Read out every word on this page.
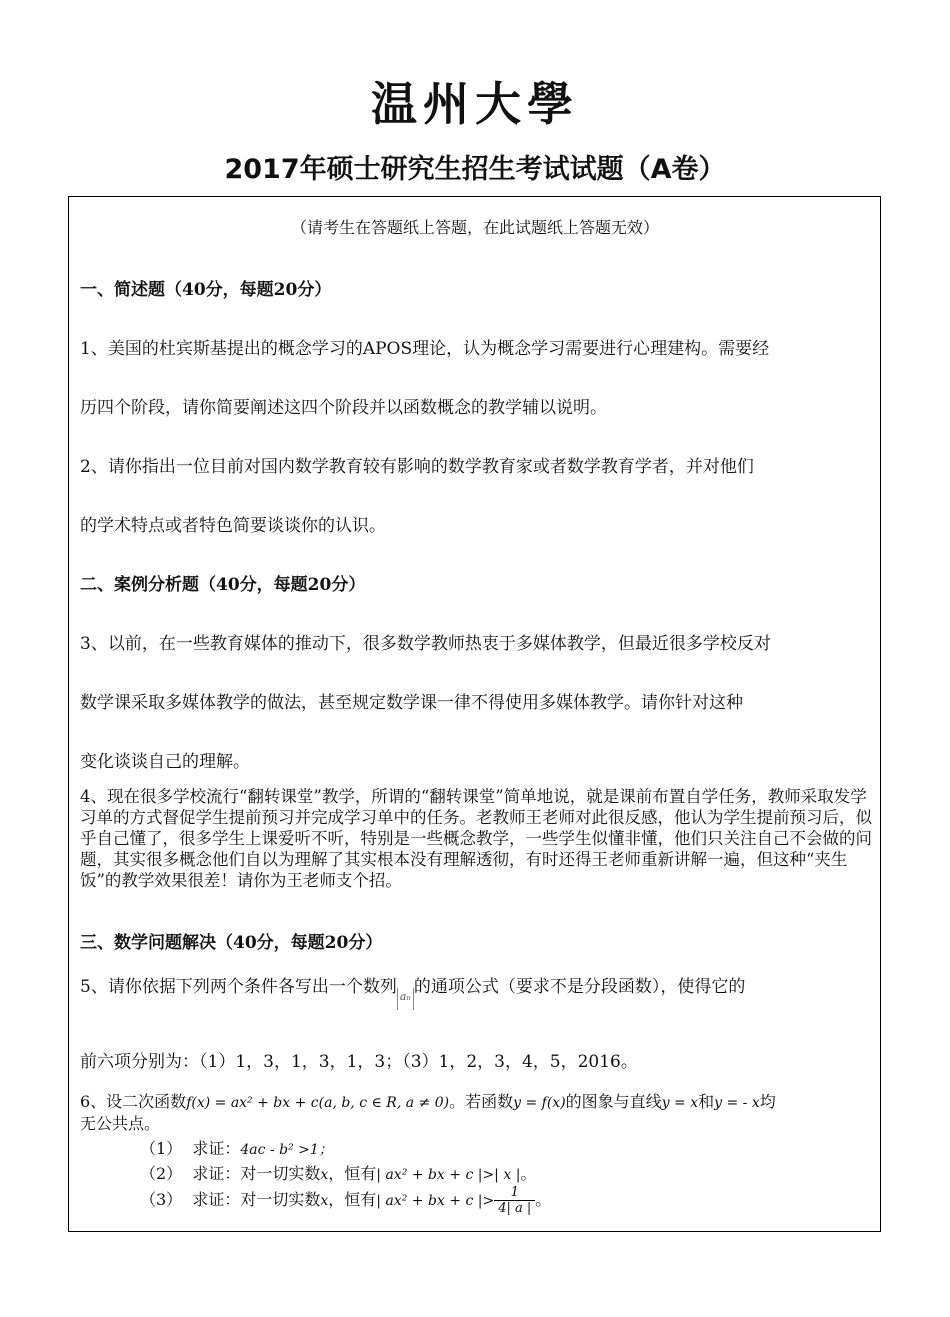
温州大學
2017年硕士研究生招生考试试题（A卷）
（请考生在答题纸上答题，在此试题纸上答题无效）
一、简述题（40分，每题20分）
1、美国的杜宾斯基提出的概念学习的APOS理论，认为概念学习需要进行心理建构。需要经
历四个阶段，请你简要阐述这四个阶段并以函数概念的教学辅以说明。
2、请你指出一位目前对国内数学教育较有影响的数学教育家或者数学教育学者，并对他们
的学术特点或者特色简要谈谈你的认识。
二、案例分析题（40分，每题20分）
3、以前，在一些教育媒体的推动下，很多数学教师热衷于多媒体教学，但最近很多学校反对
数学课采取多媒体教学的做法，甚至规定数学课一律不得使用多媒体教学。请你针对这种
变化谈谈自己的理解。
4、现在很多学校流行“翻转课堂”教学，所谓的“翻转课堂”简单地说，就是课前布置自学任务，教师采取发学习单的方式督促学生提前预习并完成学习单中的任务。老教师王老师对此很反感，他认为学生提前预习后，似乎自己懂了，很多学生上课爱听不听，特别是一些概念教学，一些学生似懂非懂，他们只关注自己不会做的问题，其实很多概念他们自以为理解了其实根本没有理解透彻，有时还得王老师重新讲解一遍，但这种“夹生饭”的教学效果很差！请你为王老师支个招。
三、数学问题解决（40分，每题20分）
5、请你依据下列两个条件各写出一个数列 aₙ 的通项公式（要求不是分段函数），使得它的
前六项分别为：（1）1，3，1，3，1，3；（3）1，2，3，4，5，2016。
6、设二次函数f(x) = ax² + bx + c(a, b, c ∈ R, a ≠ 0)。若函数y = f(x)的图象与直线y = x和y = - x均
无公共点。
（1） 求证：4ac - b² >1；
（2） 求证：对一切实数x，恒有| ax² + bx + c |>| x |。
（3） 求证：对一切实数x，恒有| ax² + bx + c |> $\frac{1}{4| a |}$ 。
